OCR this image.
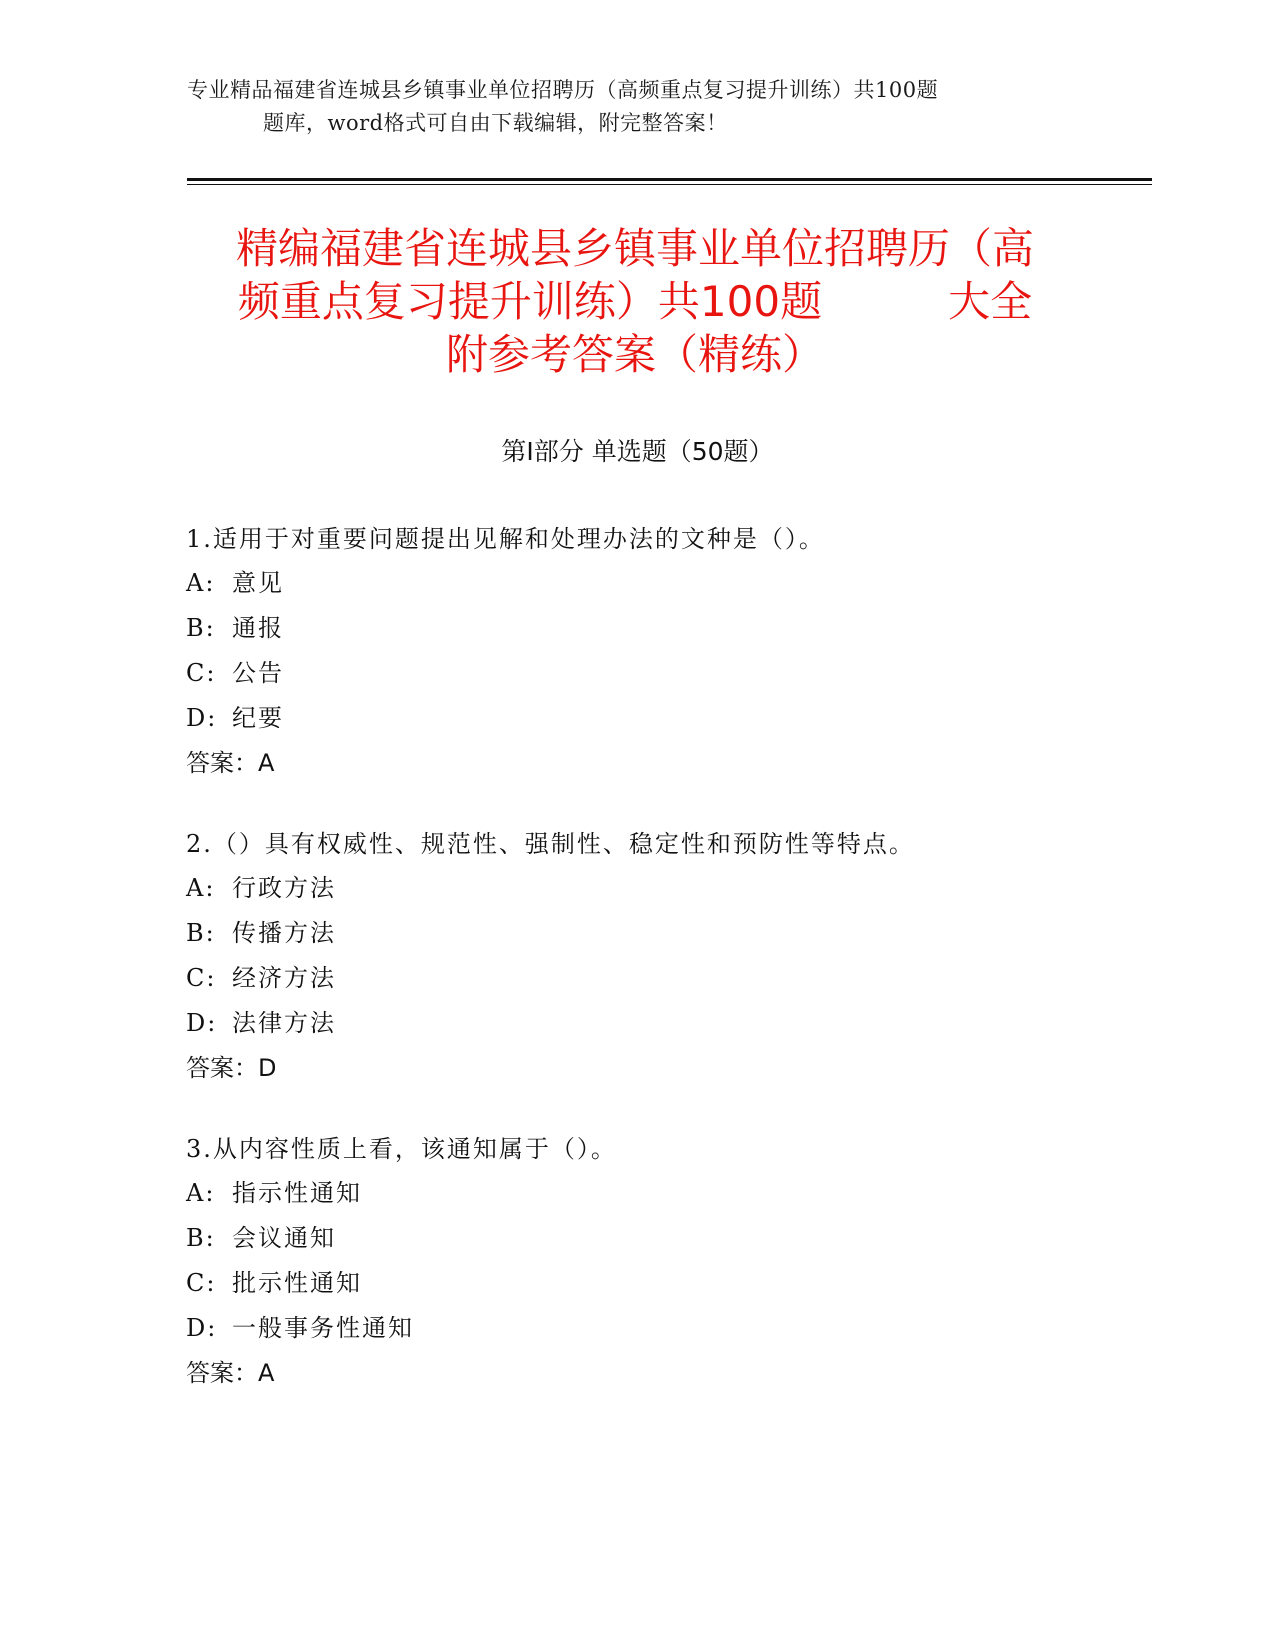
专业精品福建省连城县乡镇事业单位招聘历（高频重点复习提升训练）共100题
题库，word格式可自由下载编辑，附完整答案！
精编福建省连城县乡镇事业单位招聘历（高
频重点复习提升训练）共100题　　　大全
附参考答案（精练）
第Ⅰ部分 单选题（50题）

1.适用于对重要问题提出见解和处理办法的文种是（）。

A: 意见
B: 通报
C: 公告
D: 纪要
答案：A

2.（）具有权威性、规范性、强制性、稳定性和预防性等特点。

A: 行政方法
B: 传播方法
C: 经济方法
D: 法律方法
答案：D

3.从内容性质上看，该通知属于（）。

A: 指示性通知
B: 会议通知
C: 批示性通知
D: 一般事务性通知
答案：A
